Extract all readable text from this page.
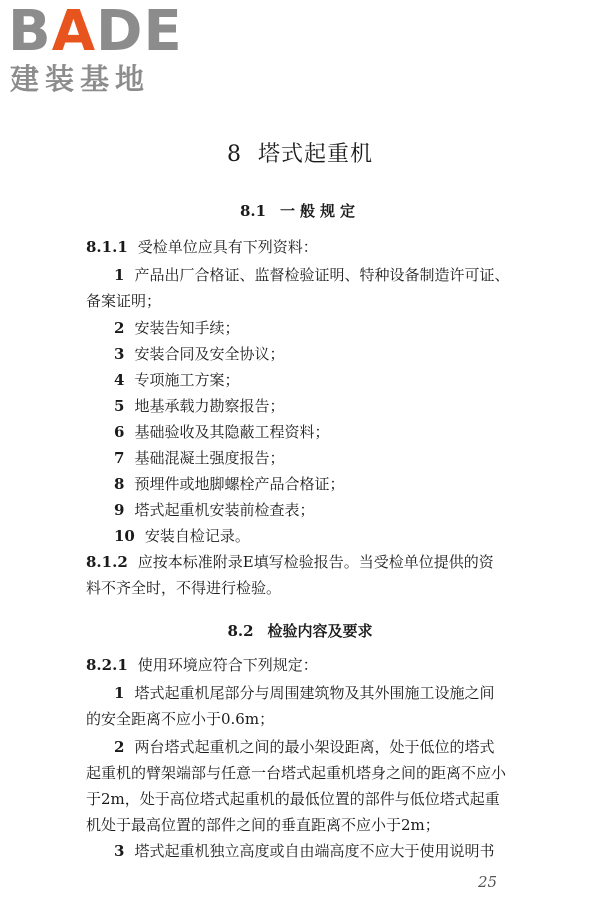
BADE
建装基地
8 塔式起重机
8.1 一般规定
8.1.1 受检单位应具有下列资料：
1 产品出厂合格证、监督检验证明、特种设备制造许可证、
备案证明；
2 安装告知手续；
3 安装合同及安全协议；
4 专项施工方案；
5 地基承载力勘察报告；
6 基础验收及其隐蔽工程资料；
7 基础混凝土强度报告；
8 预埋件或地脚螺栓产品合格证；
9 塔式起重机安装前检查表；
10 安装自检记录。
8.1.2 应按本标准附录E填写检验报告。当受检单位提供的资
料不齐全时，不得进行检验。
8.2 检验内容及要求
8.2.1 使用环境应符合下列规定：
1 塔式起重机尾部分与周围建筑物及其外围施工设施之间
的安全距离不应小于0.6m；
2 两台塔式起重机之间的最小架设距离，处于低位的塔式
起重机的臂架端部与任意一台塔式起重机塔身之间的距离不应小
于2m，处于高位塔式起重机的最低位置的部件与低位塔式起重
机处于最高位置的部件之间的垂直距离不应小于2m；
3 塔式起重机独立高度或自由端高度不应大于使用说明书
25
